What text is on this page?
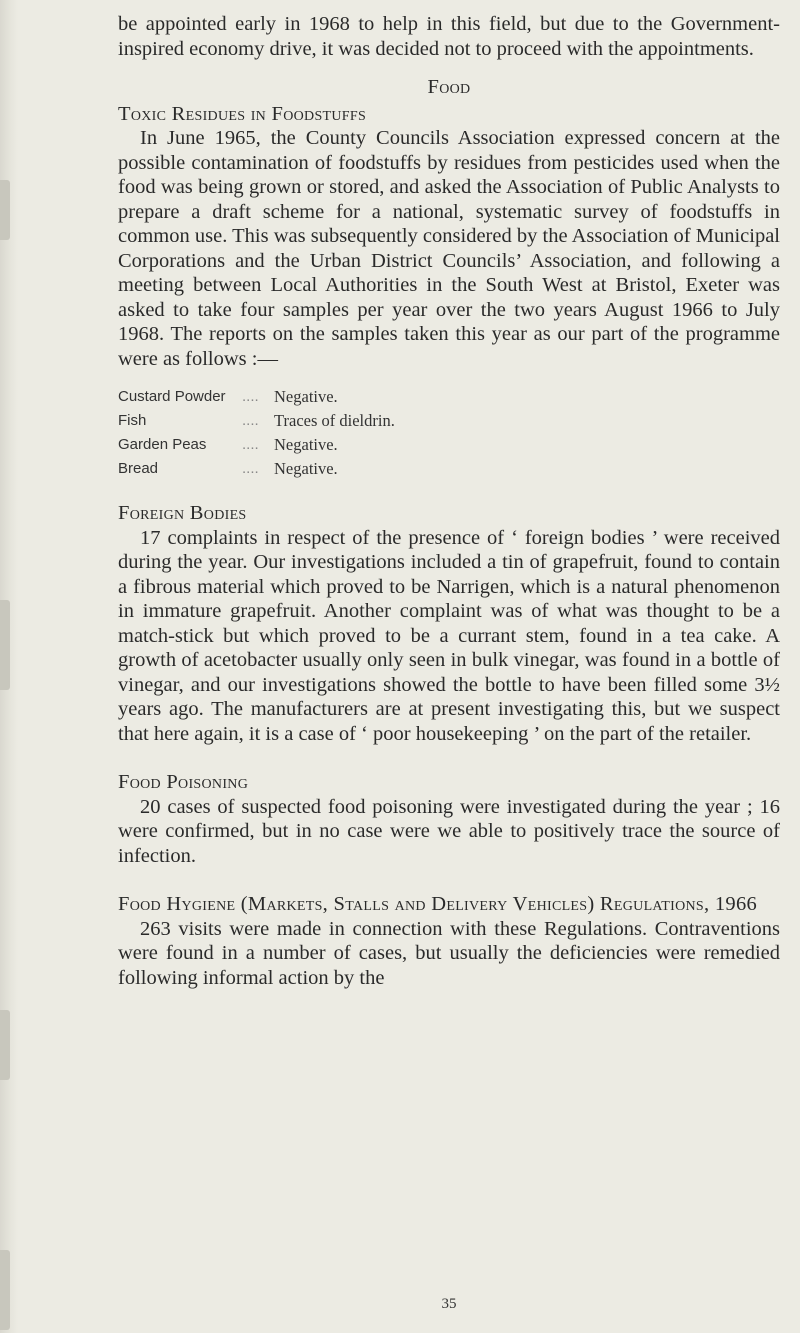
be appointed early in 1968 to help in this field, but due to the Government-inspired economy drive, it was decided not to proceed with the appointments.

Food
Toxic Residues in Foodstuffs

In June 1965, the County Councils Association expressed concern at the possible contamination of foodstuffs by residues from pesticides used when the food was being grown or stored, and asked the Association of Public Analysts to prepare a draft scheme for a national, systematic survey of foodstuffs in common use. This was subsequently considered by the Association of Municipal Corporations and the Urban District Councils’ Association, and following a meeting between Local Authorities in the South West at Bristol, Exeter was asked to take four samples per year over the two years August 1966 to July 1968. The reports on the samples taken this year as our part of the programme were as follows :—

Custard Powder	.... Negative.
Fish	.... Traces of dieldrin.
Garden Peas	.... Negative.
Bread	.... Negative.
Foreign Bodies

17 complaints in respect of the presence of ‘ foreign bodies ’ were received during the year. Our investigations included a tin of grapefruit, found to contain a fibrous material which proved to be Narrigen, which is a natural phenomenon in immature grapefruit. Another complaint was of what was thought to be a match-stick but which proved to be a currant stem, found in a tea cake. A growth of acetobacter usually only seen in bulk vinegar, was found in a bottle of vinegar, and our investigations showed the bottle to have been filled some 3½ years ago. The manufacturers are at present investigating this, but we suspect that here again, it is a case of ‘ poor housekeeping ’ on the part of the retailer.

Food Poisoning

20 cases of suspected food poisoning were investigated during the year ; 16 were confirmed, but in no case were we able to positively trace the source of infection.

Food Hygiene (Markets, Stalls and Delivery Vehicles) Regulations, 1966

263 visits were made in connection with these Regulations. Contraventions were found in a number of cases, but usually the deficiencies were remedied following informal action by the

35
